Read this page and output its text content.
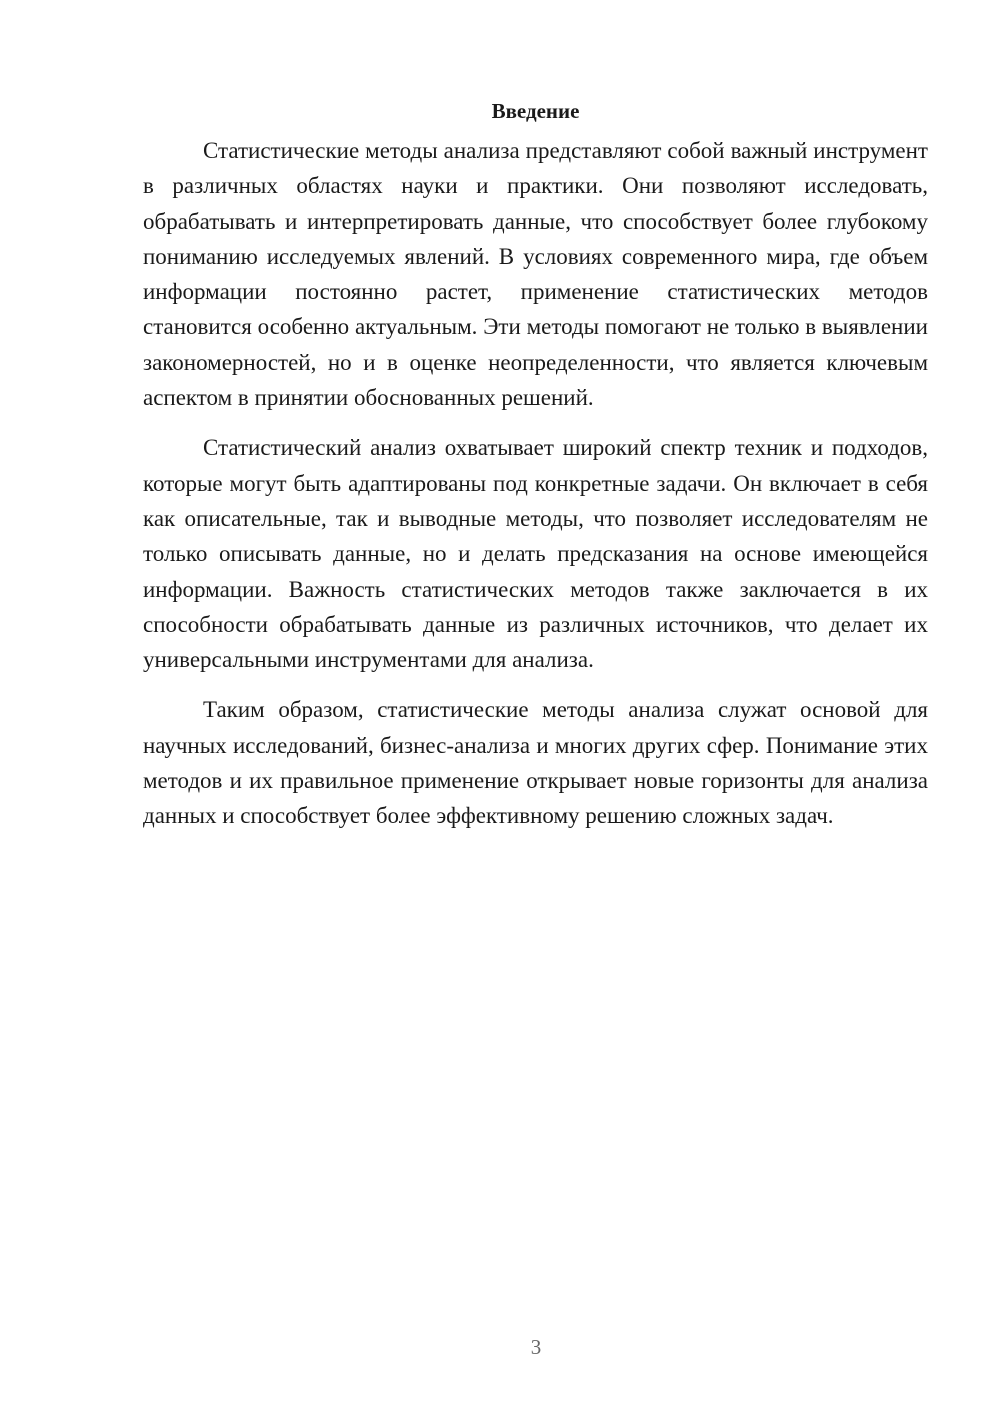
Введение

Статистические методы анализа представляют собой важный инструмент в различных областях науки и практики. Они позволяют исследовать, обрабатывать и интерпретировать данные, что способствует более глубокому пониманию исследуемых явлений. В условиях современного мира, где объем информации постоянно растет, применение статистических методов становится особенно актуальным. Эти методы помогают не только в выявлении закономерностей, но и в оценке неопределенности, что является ключевым аспектом в принятии обоснованных решений.

Статистический анализ охватывает широкий спектр техник и подходов, которые могут быть адаптированы под конкретные задачи. Он включает в себя как описательные, так и выводные методы, что позволяет исследователям не только описывать данные, но и делать предсказания на основе имеющейся информации. Важность статистических методов также заключается в их способности обрабатывать данные из различных источников, что делает их универсальными инструментами для анализа.

Таким образом, статистические методы анализа служат основой для научных исследований, бизнес-анализа и многих других сфер. Понимание этих методов и их правильное применение открывает новые горизонты для анализа данных и способствует более эффективному решению сложных задач.

3
